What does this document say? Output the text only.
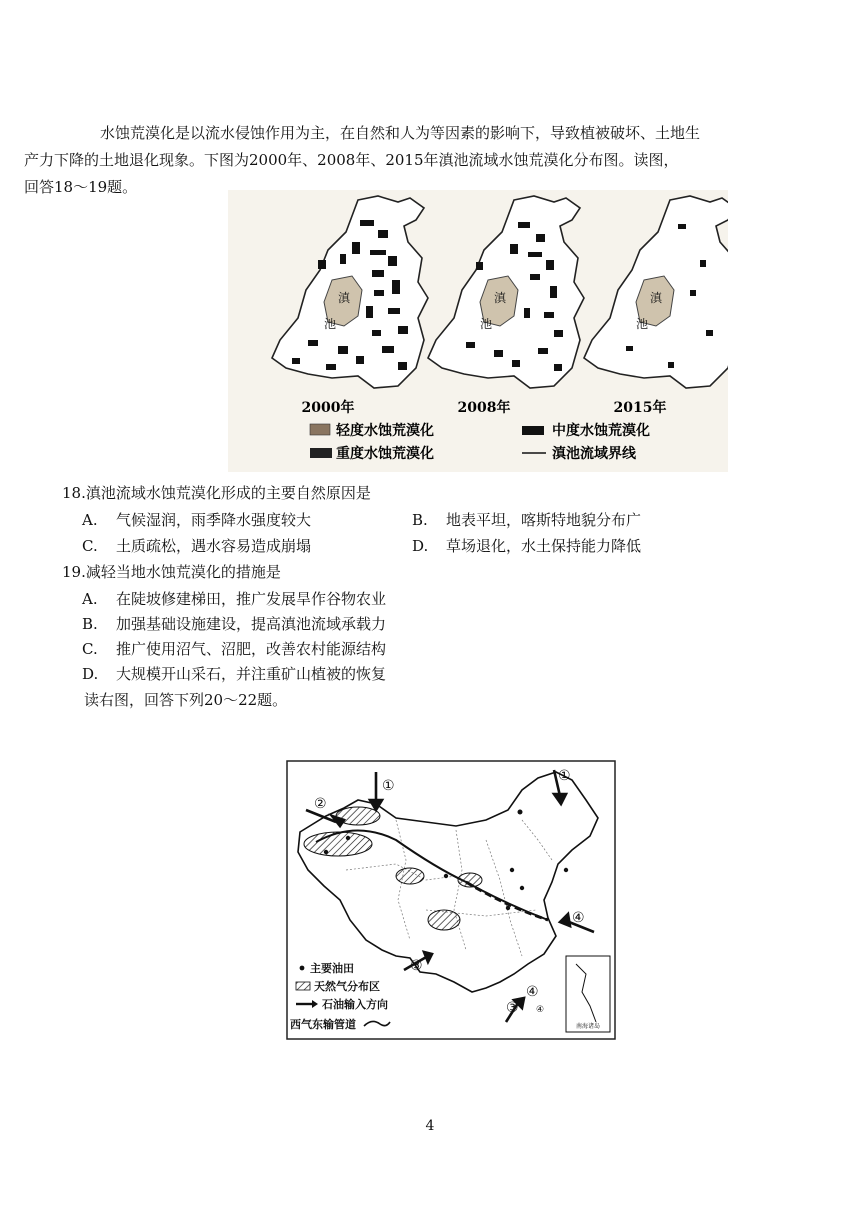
水蚀荒漠化是以流水侵蚀作用为主，在自然和人为等因素的影响下，导致植被破坏、土地生
产力下降的土地退化现象。下图为2000年、2008年、2015年滇池流域水蚀荒漠化分布图。读图，
回答18～19题。
滇
池
2000年
滇
池
2008年
滇
池
2015年
轻度水蚀荒漠化	中度水蚀荒漠化
重度水蚀荒漠化	滇池流域界线
18.滇池流域水蚀荒漠化形成的主要自然原因是
A. 气候湿润，雨季降水强度较大	B. 地表平坦，喀斯特地貌分布广
C. 土质疏松，遇水容易造成崩塌	D. 草场退化，水土保持能力降低
19.减轻当地水蚀荒漠化的措施是
A. 在陡坡修建梯田，推广发展旱作谷物农业
B. 加强基础设施建设，提高滇池流域承载力
C. 推广使用沼气、沼肥，改善农村能源结构
D. 大规模开山采石，并注重矿山植被的恢复
读右图，回答下列20～22题。
①
②
③
④
①
④
③ ④
南海诸岛
主要油田
天然气分布区
石油输入方向
西气东输管道
4
